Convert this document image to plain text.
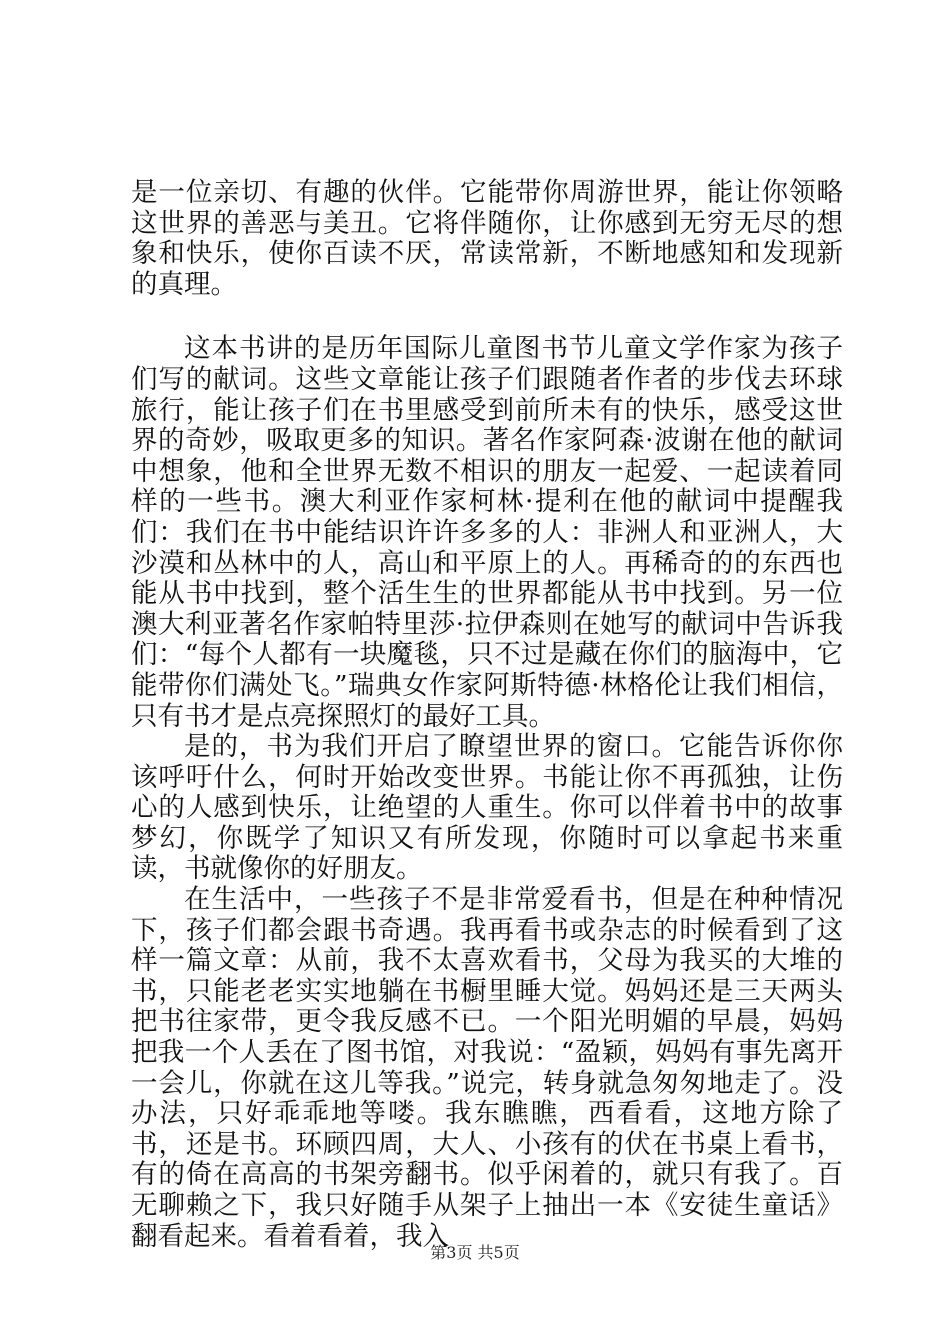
是一位亲切、有趣的伙伴。它能带你周游世界，能让你领略这世界的善恶与美丑。它将伴随你，让你感到无穷无尽的想象和快乐，使你百读不厌，常读常新，不断地感知和发现新的真理。

这本书讲的是历年国际儿童图书节儿童文学作家为孩子们写的献词。这些文章能让孩子们跟随者作者的步伐去环球旅行，能让孩子们在书里感受到前所未有的快乐，感受这世界的奇妙，吸取更多的知识。著名作家阿森·波谢在他的献词中想象，他和全世界无数不相识的朋友一起爱、一起读着同样的一些书。澳大利亚作家柯林·提利在他的献词中提醒我们：我们在书中能结识许许多多的人：非洲人和亚洲人，大沙漠和丛林中的人，高山和平原上的人。再稀奇的的东西也能从书中找到，整个活生生的世界都能从书中找到。另一位澳大利亚著名作家帕特里莎·拉伊森则在她写的献词中告诉我们：“每个人都有一块魔毯，只不过是藏在你们的脑海中，它能带你们满处飞。”瑞典女作家阿斯特德·林格伦让我们相信，只有书才是点亮探照灯的最好工具。

是的，书为我们开启了瞭望世界的窗口。它能告诉你你该呼吁什么，何时开始改变世界。书能让你不再孤独，让伤心的人感到快乐，让绝望的人重生。你可以伴着书中的故事梦幻，你既学了知识又有所发现，你随时可以拿起书来重读，书就像你的好朋友。

在生活中，一些孩子不是非常爱看书，但是在种种情况下，孩子们都会跟书奇遇。我再看书或杂志的时候看到了这样一篇文章：从前，我不太喜欢看书，父母为我买的大堆的书，只能老老实实地躺在书橱里睡大觉。妈妈还是三天两头把书往家带，更令我反感不已。一个阳光明媚的早晨，妈妈把我一个人丢在了图书馆，对我说：“盈颖，妈妈有事先离开一会儿，你就在这儿等我。”说完，转身就急匆匆地走了。没办法，只好乖乖地等喽。我东瞧瞧，西看看，这地方除了书，还是书。环顾四周，大人、小孩有的伏在书桌上看书，有的倚在高高的书架旁翻书。似乎闲着的，就只有我了。百无聊赖之下，我只好随手从架子上抽出一本《安徒生童话》翻看起来。看着看着，我入

第3页 共5页
